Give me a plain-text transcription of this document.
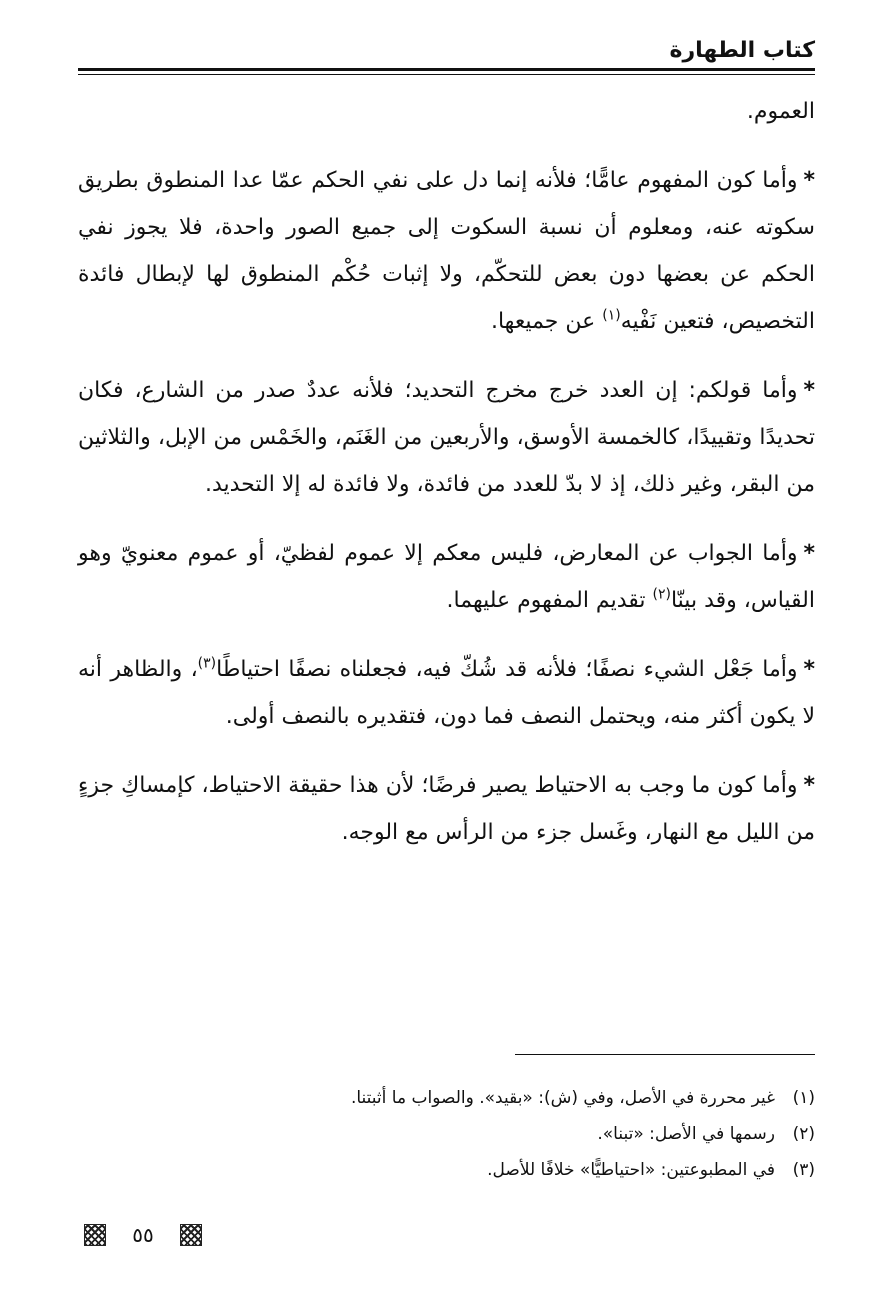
كتاب الطهارة

العموم.

*وأما كون المفهوم عامًّا؛ فلأنه إنما دل على نفي الحكم عمّا عدا المنطوق بطريق سكوته عنه، ومعلوم أن نسبة السكوت إلى جميع الصور واحدة، فلا يجوز نفي الحكم عن بعضها دون بعض للتحكّم، ولا إثبات حُكْم المنطوق لها لإبطال فائدة التخصيص، فتعين نَفْيه$^{(١)}$ عن جميعها.

*وأما قولكم: إن العدد خرج مخرج التحديد؛ فلأنه عددٌ صدر من الشارع، فكان تحديدًا وتقييدًا، كالخمسة الأوسق، والأربعين من الغَنَم، والخَمْس من الإبل، والثلاثين من البقر، وغير ذلك، إذ لا بدّ للعدد من فائدة، ولا فائدة له إلا التحديد.

*وأما الجواب عن المعارض، فليس معكم إلا عموم لفظيّ، أو عموم معنويّ وهو القياس، وقد بينّا$^{(٢)}$ تقديم المفهوم عليهما.

*وأما جَعْل الشيء نصفًا؛ فلأنه قد شُكّ فيه، فجعلناه نصفًا احتياطًا$^{(٣)}$، والظاهر أنه لا يكون أكثر منه، ويحتمل النصف فما دون، فتقديره بالنصف أولى.

*وأما كون ما وجب به الاحتياط يصير فرضًا؛ لأن هذا حقيقة الاحتياط، كإمساكِ جزءٍ من الليل مع النهار، وغَسل جزء من الرأس مع الوجه.

(١)
غير محررة في الأصل، وفي (ش): «بقيد». والصواب ما أثبتنا.
(٢)
رسمها في الأصل: «تبنا».
(٣)
في المطبوعتين: «احتياطيًّا» خلافًا للأصل.
٥٥
